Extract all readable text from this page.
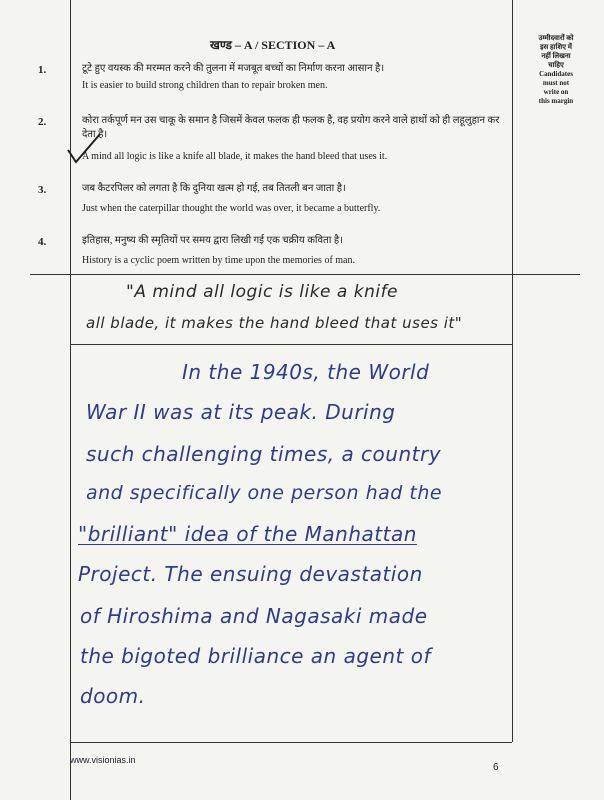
खण्ड – A / SECTION – A	उम्मीदवारों को
इस हाशिए में
नहीं लिखना
चाहिए
Candidates
must not
write on
this margin
1.	टूटे हुए वयस्क की मरम्मत करने की तुलना में मजबूत बच्चों का निर्माण करना आसान है।
It is easier to build strong children than to repair broken men.
2.	कोरा तर्कपूर्ण मन उस चाकू के समान है जिसमें केवल फलक ही फलक है, वह प्रयोग करने वाले हाथों को ही लहूलुहान कर देता है।
A mind all logic is like a knife all blade, it makes the hand bleed that uses it.
3.	जब कैटरपिलर को लगता है कि दुनिया खत्म हो गई, तब तितली बन जाता है।
Just when the caterpillar thought the world was over, it became a butterfly.
4.	इतिहास, मनुष्य की स्मृतियों पर समय द्वारा लिखी गई एक चक्रीय कविता है।
History is a cyclic poem written by time upon the memories of man.
"A mind all logic is like a knife
all blade, it makes the hand bleed that uses it"
In the 1940s, the World
War II was at its peak. During
such challenging times, a country
and specifically one person had the
"brilliant" idea of the Manhattan
Project. The ensuing devastation
of Hiroshima and Nagasaki made
the bigoted brilliance an agent of
doom.
www.visionias.in
6
